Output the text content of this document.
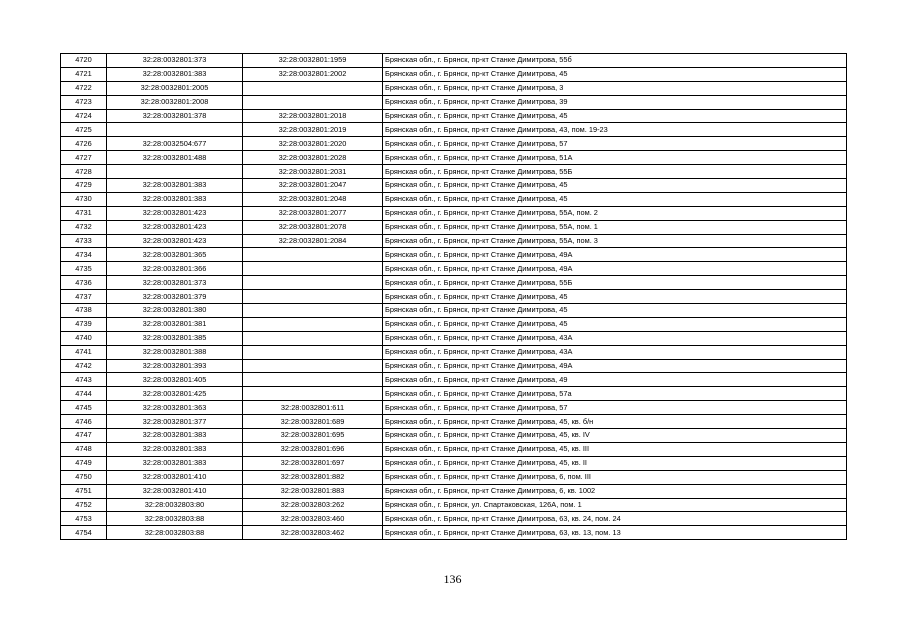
4720	32:28:0032801:373	32:28:0032801:1959	Брянская обл., г. Брянск, пр-кт Станке Димитрова, 55б
4721	32:28:0032801:383	32:28:0032801:2002	Брянская обл., г. Брянск, пр-кт Станке Димитрова, 45
4722	32:28:0032801:2005		Брянская обл., г. Брянск, пр-кт Станке Димитрова, 3
4723	32:28:0032801:2008		Брянская обл., г. Брянск, пр-кт Станке Димитрова, 39
4724	32:28:0032801:378	32:28:0032801:2018	Брянская обл., г. Брянск, пр-кт Станке Димитрова, 45
4725		32:28:0032801:2019	Брянская обл., г. Брянск, пр-кт Станке Димитрова, 43, пом. 19-23
4726	32:28:0032504:677	32:28:0032801:2020	Брянская обл., г. Брянск, пр-кт Станке Димитрова, 57
4727	32:28:0032801:488	32:28:0032801:2028	Брянская обл., г. Брянск, пр-кт Станке Димитрова, 51А
4728		32:28:0032801:2031	Брянская обл., г. Брянск, пр-кт Станке Димитрова, 55Б
4729	32:28:0032801:383	32:28:0032801:2047	Брянская обл., г. Брянск, пр-кт Станке Димитрова, 45
4730	32:28:0032801:383	32:28:0032801:2048	Брянская обл., г. Брянск, пр-кт Станке Димитрова, 45
4731	32:28:0032801:423	32:28:0032801:2077	Брянская обл., г. Брянск, пр-кт Станке Димитрова, 55А, пом. 2
4732	32:28:0032801:423	32:28:0032801:2078	Брянская обл., г. Брянск, пр-кт Станке Димитрова, 55А, пом. 1
4733	32:28:0032801:423	32:28:0032801:2084	Брянская обл., г. Брянск, пр-кт Станке Димитрова, 55А, пом. 3
4734	32:28:0032801:365		Брянская обл., г. Брянск, пр-кт Станке Димитрова, 49А
4735	32:28:0032801:366		Брянская обл., г. Брянск, пр-кт Станке Димитрова, 49А
4736	32:28:0032801:373		Брянская обл., г. Брянск, пр-кт Станке Димитрова, 55Б
4737	32:28:0032801:379		Брянская обл., г. Брянск, пр-кт Станке Димитрова, 45
4738	32:28:0032801:380		Брянская обл., г. Брянск, пр-кт Станке Димитрова, 45
4739	32:28:0032801:381		Брянская обл., г. Брянск, пр-кт Станке Димитрова, 45
4740	32:28:0032801:385		Брянская обл., г. Брянск, пр-кт Станке Димитрова, 43А
4741	32:28:0032801:388		Брянская обл., г. Брянск, пр-кт Станке Димитрова, 43А
4742	32:28:0032801:393		Брянская обл., г. Брянск, пр-кт Станке Димитрова, 49А
4743	32:28:0032801:405		Брянская обл., г. Брянск, пр-кт Станке Димитрова, 49
4744	32:28:0032801:425		Брянская обл., г. Брянск, пр-кт Станке Димитрова, 57а
4745	32:28:0032801:363	32:28:0032801:611	Брянская обл., г. Брянск, пр-кт Станке Димитрова, 57
4746	32:28:0032801:377	32:28:0032801:689	Брянская обл., г. Брянск, пр-кт Станке Димитрова, 45, кв. б/н
4747	32:28:0032801:383	32:28:0032801:695	Брянская обл., г. Брянск, пр-кт Станке Димитрова, 45, кв. IV
4748	32:28:0032801:383	32:28:0032801:696	Брянская обл., г. Брянск, пр-кт Станке Димитрова, 45, кв. III
4749	32:28:0032801:383	32:28:0032801:697	Брянская обл., г. Брянск, пр-кт Станке Димитрова, 45, кв. II
4750	32:28:0032801:410	32:28:0032801:882	Брянская обл., г. Брянск, пр-кт Станке Димитрова, 6, пом. III
4751	32:28:0032801:410	32:28:0032801:883	Брянская обл., г. Брянск, пр-кт Станке Димитрова, 6, кв. 1002
4752	32:28:0032803:80	32:28:0032803:262	Брянская обл., г. Брянск, ул. Спартаковская, 126А, пом. 1
4753	32:28:0032803:88	32:28:0032803:460	Брянская обл., г. Брянск, пр-кт Станке Димитрова, 63, кв. 24, пом. 24
4754	32:28:0032803:88	32:28:0032803:462	Брянская обл., г. Брянск, пр-кт Станке Димитрова, 63, кв. 13, пом. 13
136
